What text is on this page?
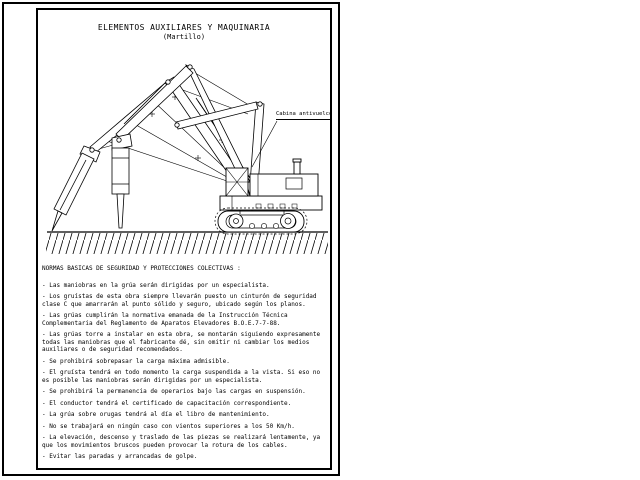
ELEMENTOS AUXILIARES Y MAQUINARIA
(Martillo)
Cabina antivuelco

NORMAS BASICAS DE SEGURIDAD Y PROTECCIONES COLECTIVAS :

- Las maniobras en la grúa serán dirigidas por un especialista.

- Los gruístas de esta obra siempre llevarán puesto un cinturón de seguridad clase C que amarrarán al punto sólido y seguro, ubicado según los planos.

- Las grúas cumplirán la normativa emanada de la Instrucción Técnica Complementaria del Reglamento de Aparatos Elevadores B.O.E.7-7-88.

- Las grúas torre a instalar en esta obra, se montarán siguiendo expresamente todas las maniobras que el fabricante dé, sin omitir ni cambiar los medios auxiliares o de seguridad recomendados.

- Se prohibirá sobrepasar la carga máxima admisible.

- El gruísta tendrá en todo momento la carga suspendida a la vista. Si eso no es posible las maniobras serán dirigidas por un especialista.

- Se prohibirá la permanencia de operarios bajo las cargas en suspensión.

- El conductor tendrá el certificado de capacitación correspondiente.

- La grúa sobre orugas tendrá al día el libro de mantenimiento.

- No se trabajará en ningún caso con vientos superiores a los 50 Km/h.

- La elevación, descenso y traslado de las piezas se realizará lentamente, ya que los movimientos bruscos pueden provocar la rotura de los cables.

- Evitar las paradas y arrancadas de golpe.
